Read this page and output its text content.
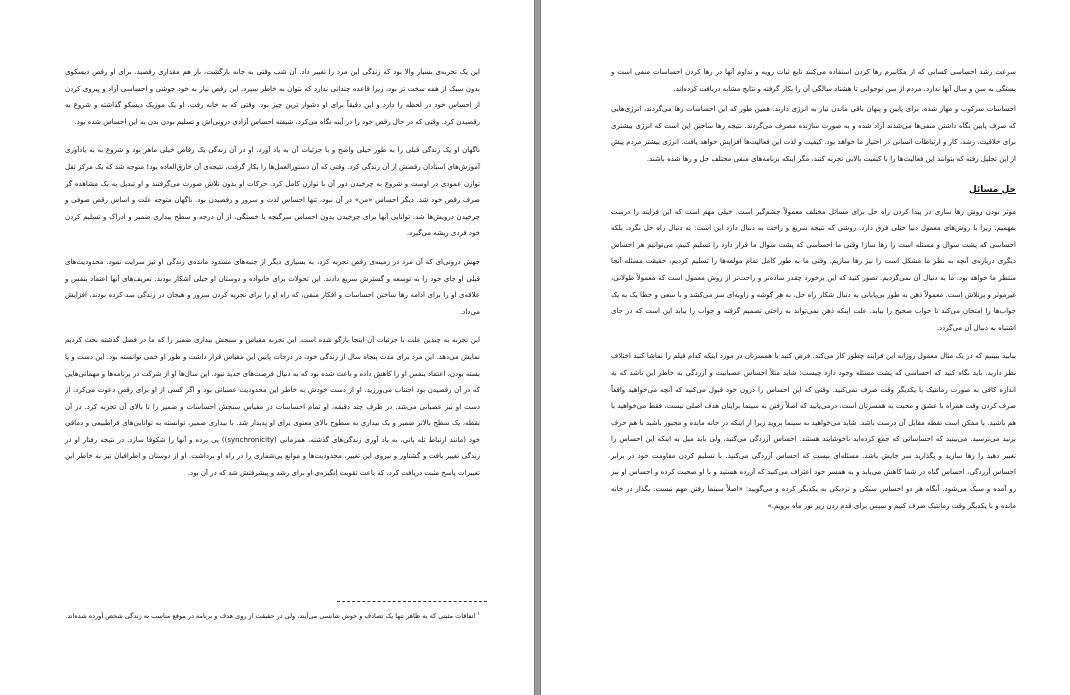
این یک تجربه‌ی بسیار والا بود که زندگی این مرد را تغییر داد. آن شب وقتی به خانه بازگشت، باز هم مقداری رقصید. برای او رقص دیسکوی بدون سبک از همه سخت تر بود، زیرا قاعده چندانی ندارد که بتوان به خاطر سپرد. این رقص نیاز به خود جوشی و احساسی آزاد و پیروی کردن از احساس خود در لحظه را دارد و این دقیقاً برای او دشوار ترین چیز بود. وقتی که به خانه رفت، او یک موزیک دیسکو گذاشته و شروع به رقصیدن کرد. وقتی که در حال رقص خود را در آینه نگاه می‌کرد، شیفته احساس آزادی درونی‌اش و تسلیم بودن بدن به این احساس شده بود.

ناگهان او یک زندگی قبلی را به طور خیلی واضح و با جزئیات آن به یاد آورد. او در آن زندگی یک رقاص خیلی ماهر بود و شروع به به یادآوری آموزش‌های استادان رقصش از آن زندگی کرد. وقتی که آن دستورالعمل‌ها را بکار گرفت، نتیجه‌ی آن خارق‌العاده بود! متوجه شد که یک مرکز ثقل توازن عمودی در اوست و شروع به چرخیدن دور آن با توازن کامل کرد. حرکات او بدون تلاش صورت می‌گرفتند و او تبدیل به یک مشاهده گر صرف رقص خود شد. دیگر احساس «من» در آن نبود، تنها احساس لذت و سرور و رقصیدن بود. ناگهان متوجه علت و اساس رقص صوفی و چرخیدن درویش‌ها شد. توانایی آنها برای چرخیدن بدون احساس سرگیجه یا خستگی، از آن درجه و سطح بیداری ضمیر و ادراک و تسلیم کردن خود فردی ریشه می‌گیرد.

جهش درونی‌ای که آن مرد در زمینه‌ی رقص تجربه کرد، به بسیاری دیگر از جنبه‌های مسدود مانده‌ی زندگی او نیز سرایت نمود. محدودیت‌های قبلی او جای خود را به توسعه و گسترش سریع دادند. این تحولات برای خانواده و دوستان او خیلی آشکار بودند. تعریف‌های آنها اعتماد بنفس و علاقه‌ی او را برای ادامه رها ساختن احساسات و افکار منفی، که راه او را برای تجربه کردن سرور و هیجان در زندگی سد کرده بودند، افزایش می‌داد.

این تجربه به چندین علت با جزئیات آن اینجا بازگو شده است. این تجربه مقیاس و سنجش بیداری ضمیر را که ما در فصل گذشته بحث کردیم نمایش می‌دهد. این مرد برای مدت پنجاه سال از زندگی خود، در درجات پایین این مقیاس قرار داشت و طور او خمی توانسته بود. این دست و پا بسته بودن، اعتماد بنفس او را کاهش داده و باعث شده بود که به دنبال فرصت‌های جدید نبود. این سال‌ها او از شرکت در برنامه‌ها و مهمانی‌هایی که در آن رقصیدن بود اجتناب می‌ورزید. او از دست خودش به خاطر این محدودیت عصبانی بود و اگر کسی از او برای رقص دعوت می‌کرد، از دست او نیز عصبانی می‌شد. در ظرف چند دقیقه، او تمام احساسات در مقیاس سنجش احساسات و ضمیر را تا بالای آن تجربه کرد. در آن نقطه، یک سطح بالاتر ضمیر و یک بیداری به سطوح بالای معنوی برای او پدیدار شد. با بیداری ضمیر، توانسته به توانایی‌های فراطبیعی و دماقی خود (مانند ارتباط تله پاتی، به یاد آوری زندگی‌های گذشته، همزمانی (synchronicity)) پی برده و آنها را شکوفا سازد. در نتیجه رفتار او در زندگی تغییر یافت و گشتاور و نیروی این تغییر، محدودیت‌ها و موانع بی‌شماری را در راه او برداشت. او از دوستان و اطرافیان نیز به خاطر این تغییرات پاسخ مثبت دریافت کرد، که باعث تقویت انگیزه‌ی او برای رشد و پیشرفتش شد که در آن بود.

$^۱$ اتفاقات مثبتی که به ظاهر تنها یک تصادف و خوش شانسی می‌آیند، ولی در حقیقت از روی هدف و برنامه در موقع مناسب به زندگی شخص آورده شده‌اند.

سرعت رشد احساسی کسانی که از مکانیزم رها کردن استفاده می‌کنند تابع ثبات رویه و تداوم آنها در رها کردن احساسات منفی است و بستگی به سن و سال آنها ندارد. مردم از سن نوجوانی تا هشتاد سالگی آن را بکار گرفته و نتایج مشابه دریافت کرده‌اند.

احساسات سرکوب و مهار شده، برای پایین و پنهان باقی ماندن نیاز به انرژی دارند. همین طور که این احساسات رها می‌گردند، انرژی‌هایی که صرف پایین نگاه داشتن منفی‌ها می‌شدند آزاد شده و به صورت سازنده مصرف می‌گردند. نتیجه رها ساختن این است که انرژی بیشتری برای خلاقیت، رشد، کار و ارتباطات انسانی در اختیار ما خواهد بود. کیفیت و لذت این فعالیت‌ها افزایش خواهد یافت. انرژی بیشتر مردم پیش از این تحلیل رفته که بتوانند این فعالیت‌ها را با کیفیت بالایی تجربه کنند، مگر اینکه برنامه‌های منفی مختلف حل و رها شده باشند.

حل مسائل

موثر بودن روش رها سازی در پیدا کردن راه حل برای مسائل مختلف معمولاً چشم‌گیر است. خیلی مهم است که این فرایند را درست بفهمیم، زیرا با روش‌های معمول دنیا خیلی فرق دارد. روشی که نتیجه سریع و راحت به دنبال دارد این است: به دنبال راه حل نگرد، بلکه احساسی که پشت سوال و مسئله است را رها ساز! وقتی ما احساسی که پشت سوال ما قرار دارد را تسلیم کنیم، می‌توانیم هر احساس دیگری درباره‌ی آنچه به نظر ما مشکل است را نیز رها سازیم. وقتی ما به طور کامل تمام مولفه‌ها را تسلیم کردیم، حقیقت مسئله آنجا منتظر ما خواهد بود. ما به دنبال آن نمی‌گردیم. تصور کنید که این برخورد چقدر ساده‌تر و راحت‌تر از روش معمول است که معمولاً طولانی، غیرموثر و پرتلاش است. معمولاً ذهن به طور بی‌پایانی به دنبال شکار راه حل، به هر گوشه و زاویه‌ای سر می‌کشد و با سعی و خطا یک به یک جواب‌ها را امتحان می‌کند تا جواب صحیح را بیابد. علت اینکه ذهن نمی‌تواند به راحتی تصمیم گرفته و جواب را بیابد این است که در جای اشتباه به دنبال آن می‌گردد.

بیایید ببینیم که در یک مثال معمول روزانه این فرایند چطور کار می‌کند. فرض کنید با همسرتان در مورد اینکه کدام فیلم را تماشا کنید اختلاف نظر دارید. باید نگاه کنید که احساسی که پشت مسئله وجود دارد چیست: شاید مثلاً احساس عصبانیت و آزردگی به خاطر این باشد که به اندازه کافی به صورت رمانتیک با یکدیگر وقت صرف نمی‌کنید. وقتی که این احساس را درون خود قبول می‌کنید که آنچه می‌خواهید واقعاً صرف کردن وقت همراه با عشق و محبت به همسرتان است، درمی‌یابید که اصلاً رفتن به سینما برایتان هدف اصلی نیست، فقط می‌خواهید با هم باشید. یا ممکن است نقطه مقابل آن درست باشد. شاید می‌خواهید به سینما بروید زیرا از اینکه در خانه مانده و مجبور باشید با هم حرف بزنید می‌ترسید. می‌بینید که احساساتی که جمع کرده‌اید ناخوشایند هستند. احساس آزردگی می‌کنید، ولی باید میل به اینکه این احساس را تغییر دهید را رها سازید و بگذارید سر جایش باشد. مسئله‌ای نیست که احساس آزردگی می‌کنید. با تسلیم کردن مقاومت خود در برابر احساس آزردگی، احساس گناه در شما کاهش می‌یابد و به همسر خود اعتراف می‌کنید که آزرده هستید و با او صحبت کرده و احساس او نیز رو آمده و سبک می‌شود. آنگاه هر دو احساس سبکی و نزدیکی به یکدیگر کرده و می‌گویید: «اصلاً سینما رفتن مهم نیست. بگذار در خانه مانده و با یکدیگر وقت رمانتیک صرف کنیم و سپس برای قدم زدن زیر نور ماه برویم.»
